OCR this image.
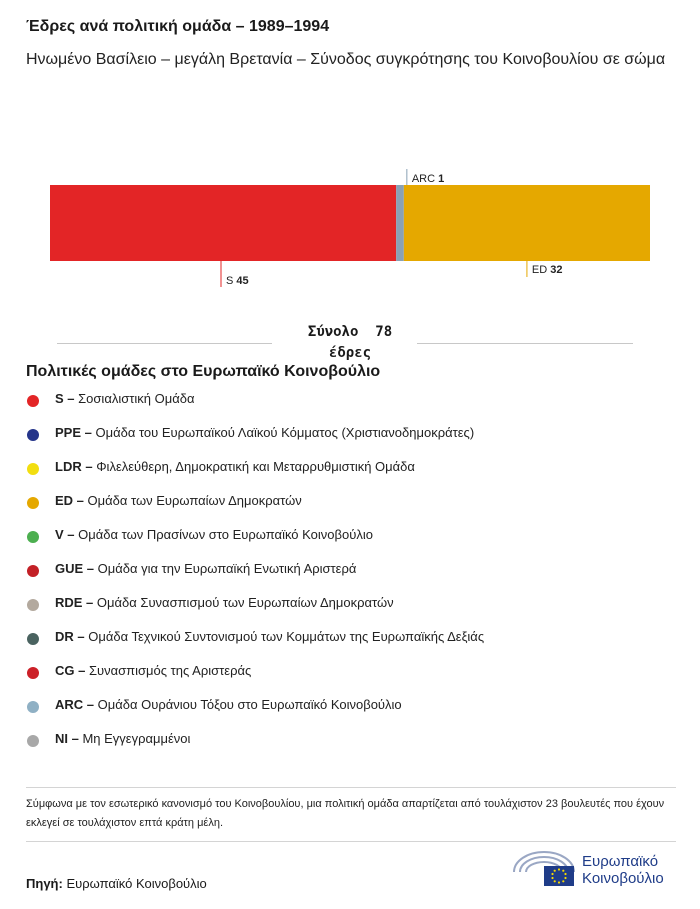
Έδρες ανά πολιτική ομάδα – 1989–1994
Ηνωμένο Βασίλειο – μεγάλη Βρετανία – Σύνοδος συγκρότησης του Κοινοβουλίου σε σώμα
S 45
ARC 1
ED 32
Σύνολο 78
έδρες
Πολιτικές ομάδες στο Ευρωπαϊκό Κοινοβούλιο
S – Σοσιαλιστική Ομάδα
PPE – Ομάδα του Ευρωπαϊκού Λαϊκού Κόμματος (Χριστιανοδημοκράτες)
LDR – Φιλελεύθερη, Δημοκρατική και Μεταρρυθμιστική Ομάδα
ED – Ομάδα των Ευρωπαίων Δημοκρατών
V – Ομάδα των Πρασίνων στο Ευρωπαϊκό Κοινοβούλιο
GUE – Ομάδα για την Ευρωπαϊκή Ενωτική Αριστερά
RDE – Ομάδα Συνασπισμού των Ευρωπαίων Δημοκρατών
DR – Ομάδα Τεχνικού Συντονισμού των Κομμάτων της Ευρωπαϊκής Δεξιάς
CG – Συνασπισμός της Αριστεράς
ARC – Ομάδα Ουράνιου Τόξου στο Ευρωπαϊκό Κοινοβούλιο
NI – Μη Εγγεγραμμένοι
Σύμφωνα με τον εσωτερικό κανονισμό του Κοινοβουλίου, μια πολιτική ομάδα απαρτίζεται από τουλάχιστον 23 βουλευτές που έχουν εκλεγεί σε τουλάχιστον επτά κράτη μέλη.
Πηγή: Ευρωπαϊκό Κοινοβούλιο
Ευρωπαϊκό
Κοινοβούλιο
